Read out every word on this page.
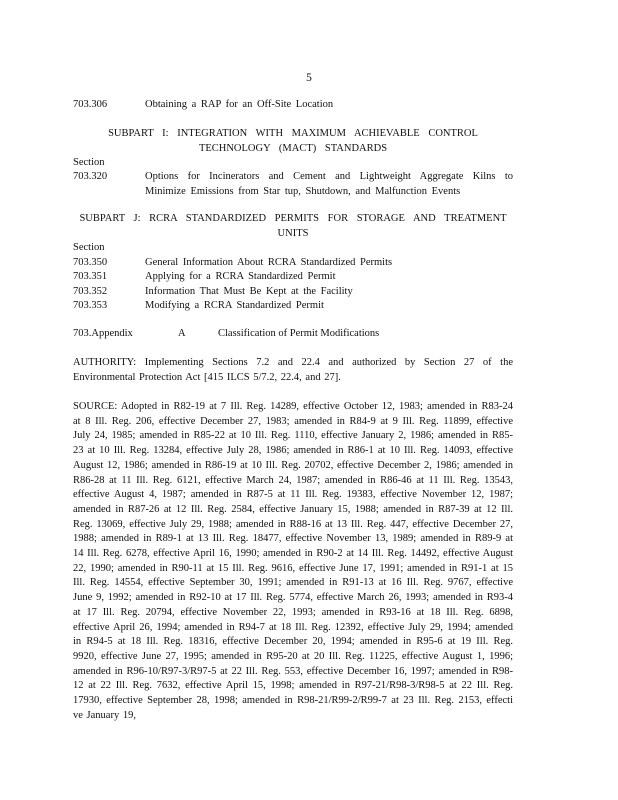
5
703.306	Obtaining a RAP for an Off-Site Location
SUBPART I: INTEGRATION WITH MAXIMUM ACHIEVABLE CONTROL TECHNOLOGY (MACT) STANDARDS
Section
703.320	Options for Incinerators and Cement and Lightweight Aggregate Kilns to Minimize Emissions from Star tup, Shutdown, and Malfunction Events
SUBPART J: RCRA STANDARDIZED PERMITS FOR STORAGE AND TREATMENT UNITS
Section
703.350	General Information About RCRA Standardized Permits
703.351	Applying for a RCRA Standardized Permit
703.352	Information That Must Be Kept at the Facility
703.353	Modifying a RCRA Standardized Permit
703.Appendix	A	Classification of Permit Modifications
AUTHORITY: Implementing Sections 7.2 and 22.4 and authorized by Section 27 of the Environmental Protection Act [415 ILCS 5/7.2, 22.4, and 27].
SOURCE: Adopted in R82-19 at 7 Ill. Reg. 14289, effective October 12, 1983; amended in R83-24 at 8 Ill. Reg. 206, effective December 27, 1983; amended in R84-9 at 9 Ill. Reg. 11899, effective July 24, 1985; amended in R85-22 at 10 Ill. Reg. 1110, effective January 2, 1986; amended in R85-23 at 10 Ill. Reg. 13284, effective July 28, 1986; amended in R86-1 at 10 Ill. Reg. 14093, effective August 12, 1986; amended in R86-19 at 10 Ill. Reg. 20702, effective December 2, 1986; amended in R86-28 at 11 Ill. Reg. 6121, effective March 24, 1987; amended in R86-46 at 11 Ill. Reg. 13543, effective August 4, 1987; amended in R87-5 at 11 Ill. Reg. 19383, effective November 12, 1987; amended in R87-26 at 12 Ill. Reg. 2584, effective January 15, 1988; amended in R87-39 at 12 Ill. Reg. 13069, effective July 29, 1988; amended in R88-16 at 13 Ill. Reg. 447, effective December 27, 1988; amended in R89-1 at 13 Ill. Reg. 18477, effective November 13, 1989; amended in R89-9 at 14 Ill. Reg. 6278, effective April 16, 1990; amended in R90-2 at 14 Ill. Reg. 14492, effective August 22, 1990; amended in R90-11 at 15 Ill. Reg. 9616, effective June 17, 1991; amended in R91-1 at 15 Ill. Reg. 14554, effective September 30, 1991; amended in R91-13 at 16 Ill. Reg. 9767, effective June 9, 1992; amended in R92-10 at 17 Ill. Reg. 5774, effective March 26, 1993; amended in R93-4 at 17 Ill. Reg. 20794, effective November 22, 1993; amended in R93-16 at 18 Ill. Reg. 6898, effective April 26, 1994; amended in R94-7 at 18 Ill. Reg. 12392, effective July 29, 1994; amended in R94-5 at 18 Ill. Reg. 18316, effective December 20, 1994; amended in R95-6 at 19 Ill. Reg. 9920, effective June 27, 1995; amended in R95-20 at 20 Ill. Reg. 11225, effective August 1, 1996; amended in R96-10/R97-3/R97-5 at 22 Ill. Reg. 553, effective December 16, 1997; amended in R98-12 at 22 Ill. Reg. 7632, effective April 15, 1998; amended in R97-21/R98-3/R98-5 at 22 Ill. Reg. 17930, effective September 28, 1998; amended in R98-21/R99-2/R99-7 at 23 Ill. Reg. 2153, effecti ve January 19,
